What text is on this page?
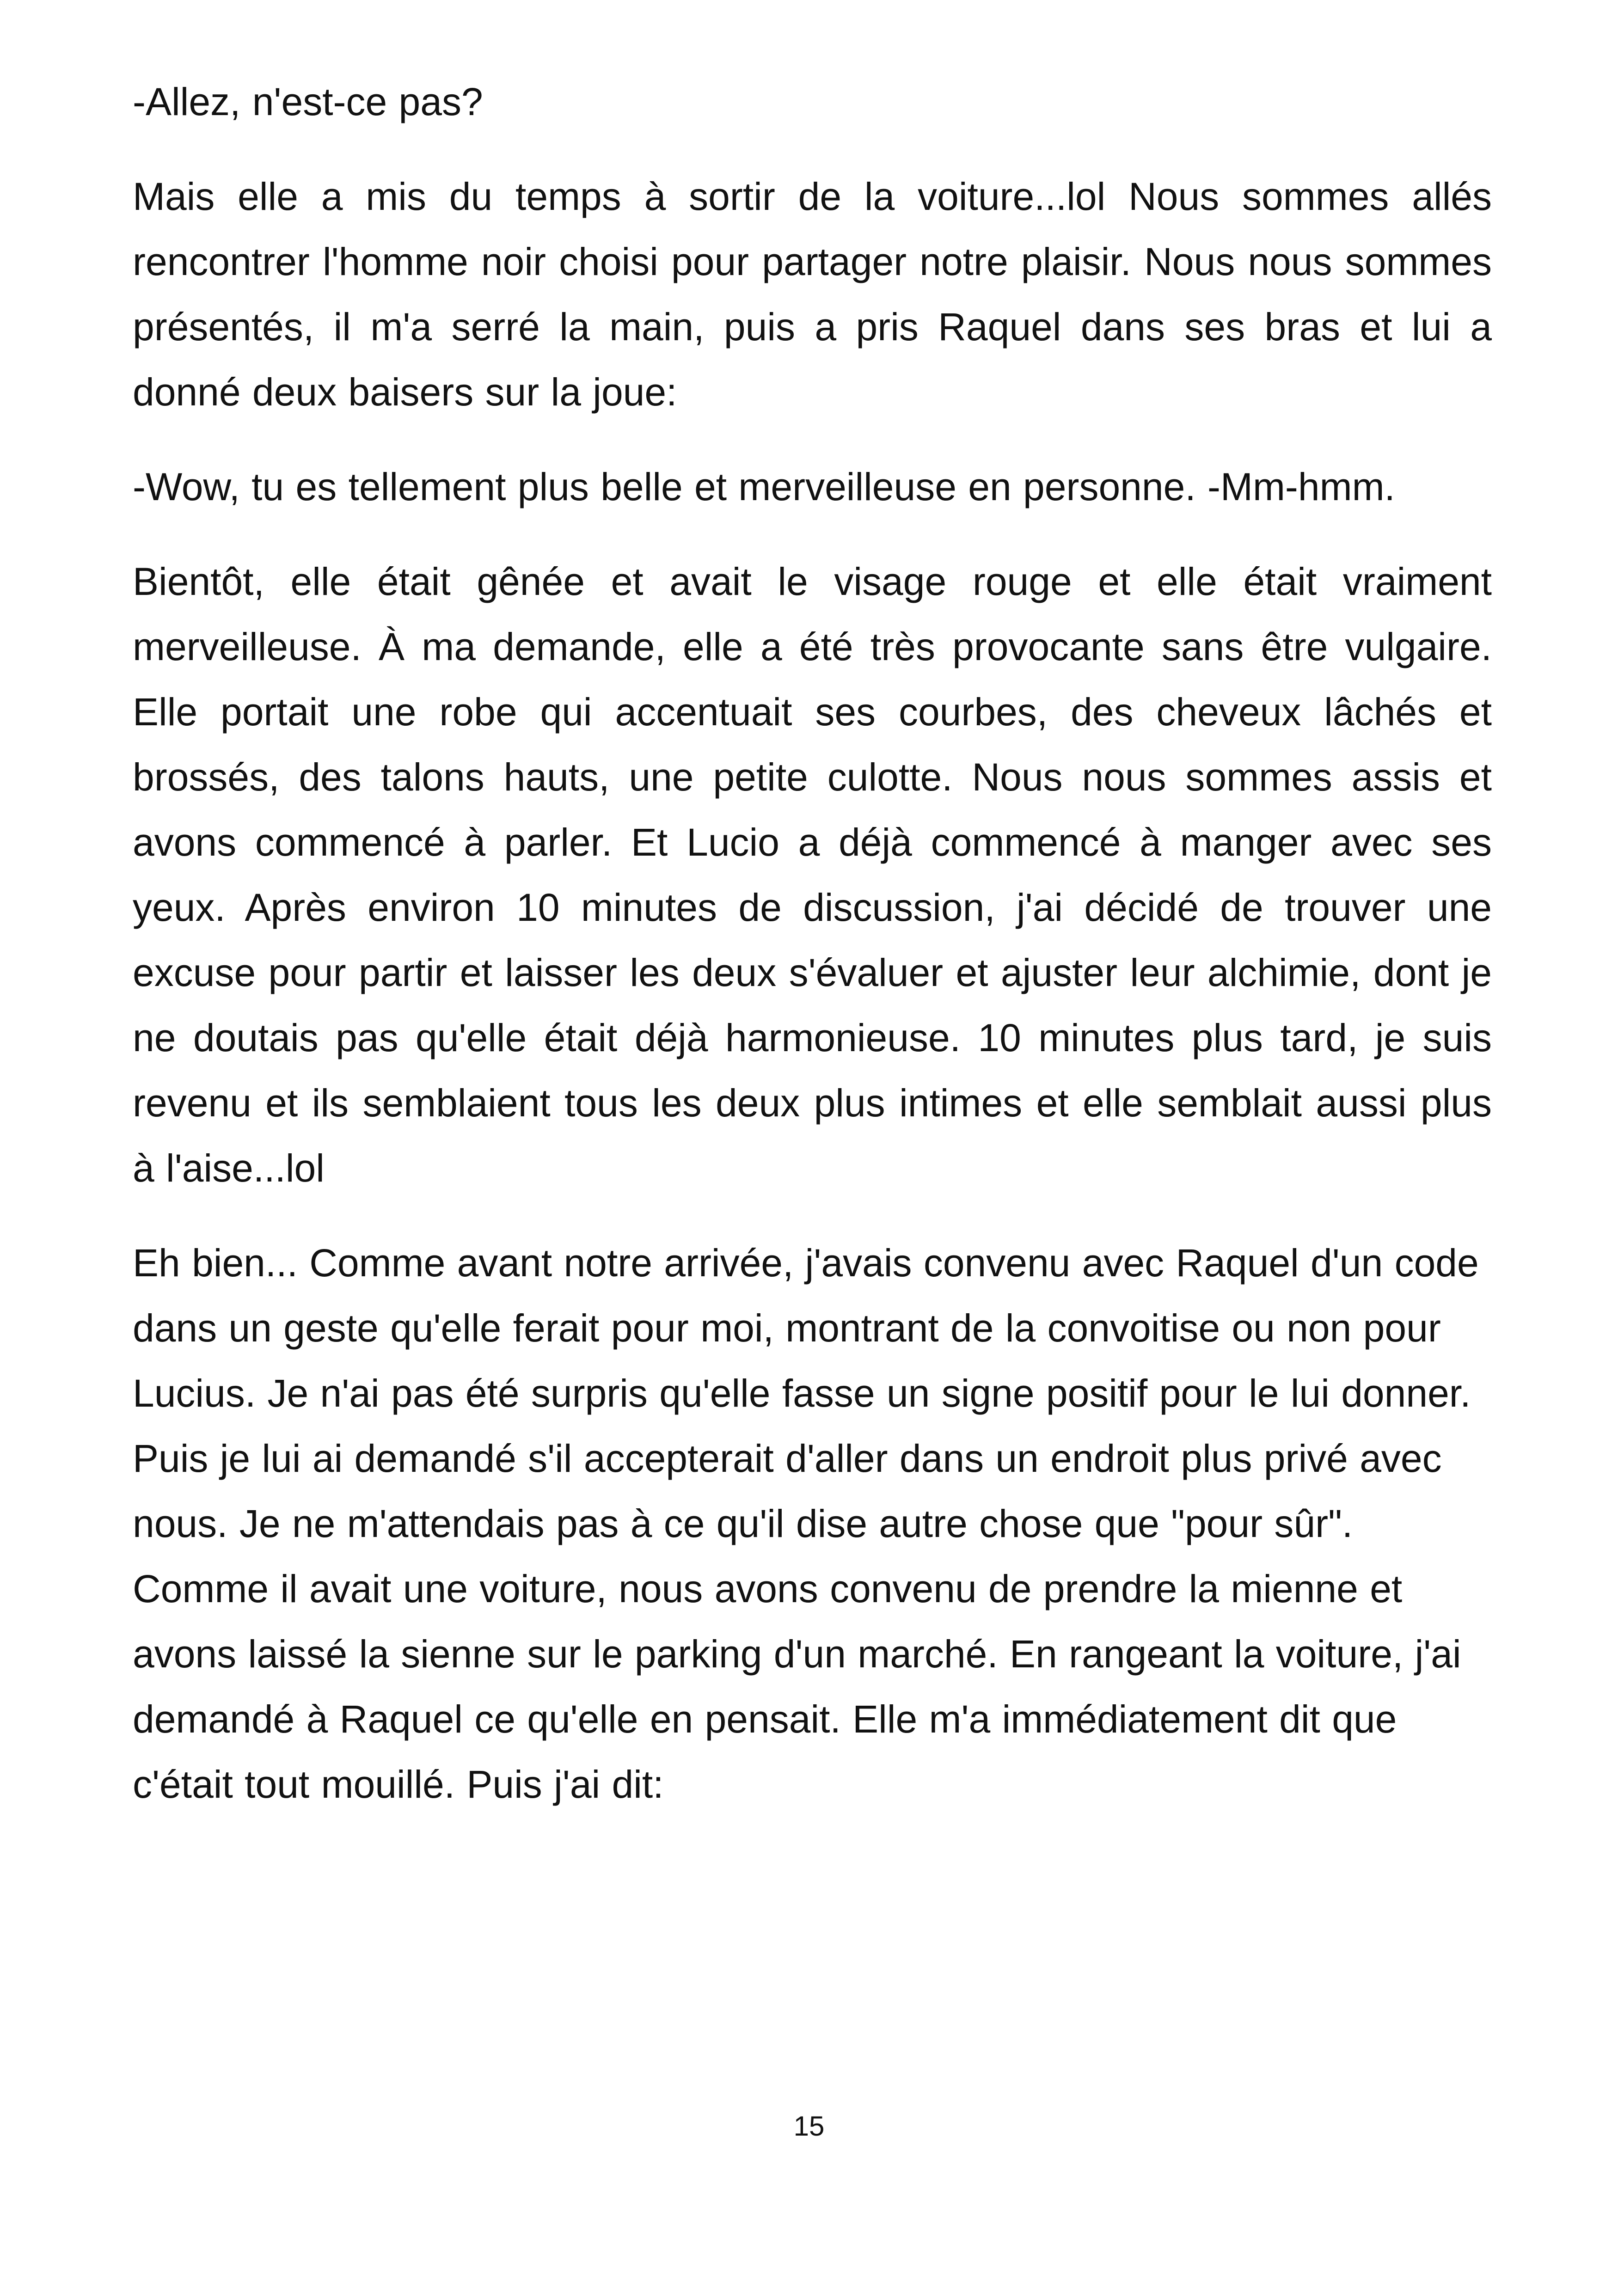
-Allez, n'est-ce pas?

Mais elle a mis du temps à sortir de la voiture...lol Nous sommes allés rencontrer l'homme noir choisi pour partager notre plaisir. Nous nous sommes présentés, il m'a serré la main, puis a pris Raquel dans ses bras et lui a donné deux baisers sur la joue:

-Wow, tu es tellement plus belle et merveilleuse en personne. -Mm-hmm.

Bientôt, elle était gênée et avait le visage rouge et elle était vraiment merveilleuse. À ma demande, elle a été très provocante sans être vulgaire. Elle portait une robe qui accentuait ses courbes, des cheveux lâchés et brossés, des talons hauts, une petite culotte. Nous nous sommes assis et avons commencé à parler. Et Lucio a déjà commencé à manger avec ses yeux. Après environ 10 minutes de discussion, j'ai décidé de trouver une excuse pour partir et laisser les deux s'évaluer et ajuster leur alchimie, dont je ne doutais pas qu'elle était déjà harmonieuse. 10 minutes plus tard, je suis revenu et ils semblaient tous les deux plus intimes et elle semblait aussi plus à l'aise...lol

Eh bien... Comme avant notre arrivée, j'avais convenu avec Raquel d'un code dans un geste qu'elle ferait pour moi, montrant de la convoitise ou non pour Lucius. Je n'ai pas été surpris qu'elle fasse un signe positif pour le lui donner. Puis je lui ai demandé s'il accepterait d'aller dans un endroit plus privé avec nous. Je ne m'attendais pas à ce qu'il dise autre chose que "pour sûr". Comme il avait une voiture, nous avons convenu de prendre la mienne et avons laissé la sienne sur le parking d'un marché. En rangeant la voiture, j'ai demandé à Raquel ce qu'elle en pensait. Elle m'a immédiatement dit que c'était tout mouillé. Puis j'ai dit:

15
